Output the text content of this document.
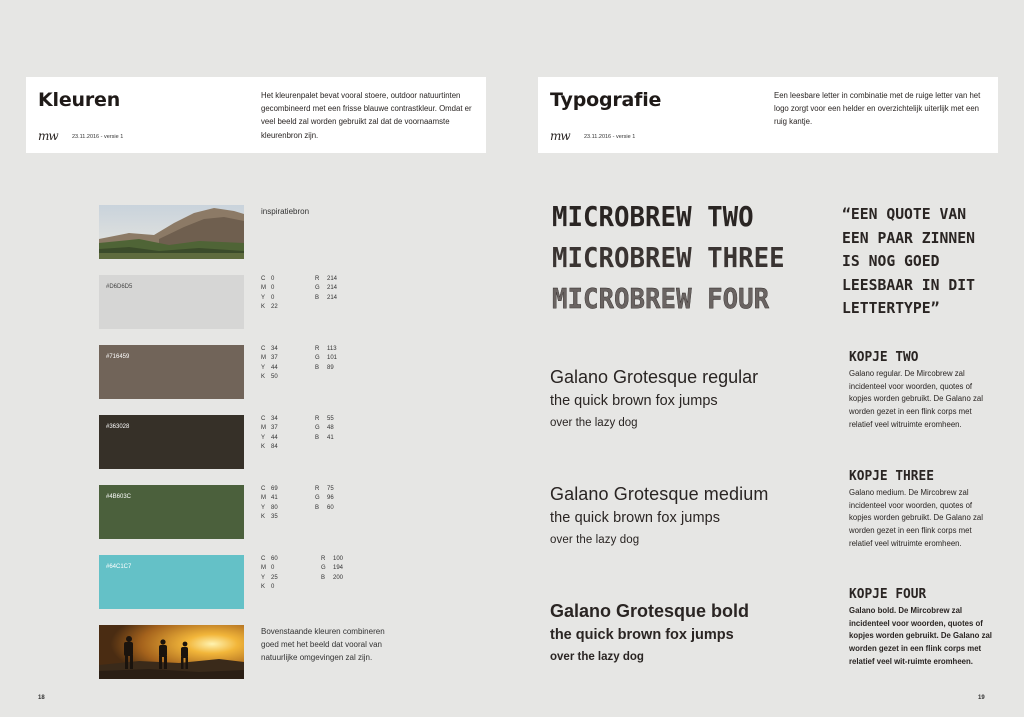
Kleuren
mw	23.11.2016 - versie 1
Het kleurenpalet bevat vooral stoere, outdoor natuurtinten gecombineerd met een frisse blauwe contrastkleur. Omdat er veel beeld zal worden gebruikt zal dat de voornaamste kleurenbron zijn.
inspiratiebron
#D6D6D5
C 0
M 0
Y 0
K 22
R	214
G	214
B	214
#716459
C 34
M 37
Y 44
K 50
R	113
G	101
B	89
#363028
C 34
M 37
Y 44
K 84
R	55
G	48
B	41
#4B603C
C 69
M 41
Y 80
K 35
R	75
G	96
B	60
#64C1C7
C 60
M 0
Y 25
K 0
R	100
G	194
B	200
Bovenstaande kleuren combineren goed met het beeld dat vooral van natuurlijke omgevingen zal zijn.
18
Typografie
mw	23.11.2016 - versie 1
Een leesbare letter in combinatie met de ruige letter van het logo zorgt voor een helder en overzichtelijk uiterlijk met een ruig kantje.
MICROBREW TWO
MICROBREW THREE
MICROBREW FOUR
“EEN QUOTE VAN EEN PAAR ZINNEN IS NOG GOED LEESBAAR IN DIT LETTERTYPE”
Galano Grotesque regular
the quick brown fox jumps
over the lazy dog
Galano Grotesque medium
the quick brown fox jumps
over the lazy dog
Galano Grotesque bold
the quick brown fox jumps
over the lazy dog
KOPJE TWO
Galano regular. De Mircobrew zal incidenteel voor woorden, quotes of kopjes worden gebruikt. De Galano zal worden gezet in een flink corps met relatief veel witruimte eromheen.
KOPJE THREE
Galano medium. De Mircobrew zal incidenteel voor woorden, quotes of kopjes worden gebruikt. De Galano zal worden gezet in een flink corps met relatief veel witruimte eromheen.
KOPJE FOUR
Galano bold. De Mircobrew zal incidenteel voor woorden, quotes of kopjes worden gebruikt. De Galano zal worden gezet in een flink corps met relatief veel wit-ruimte eromheen.
19
